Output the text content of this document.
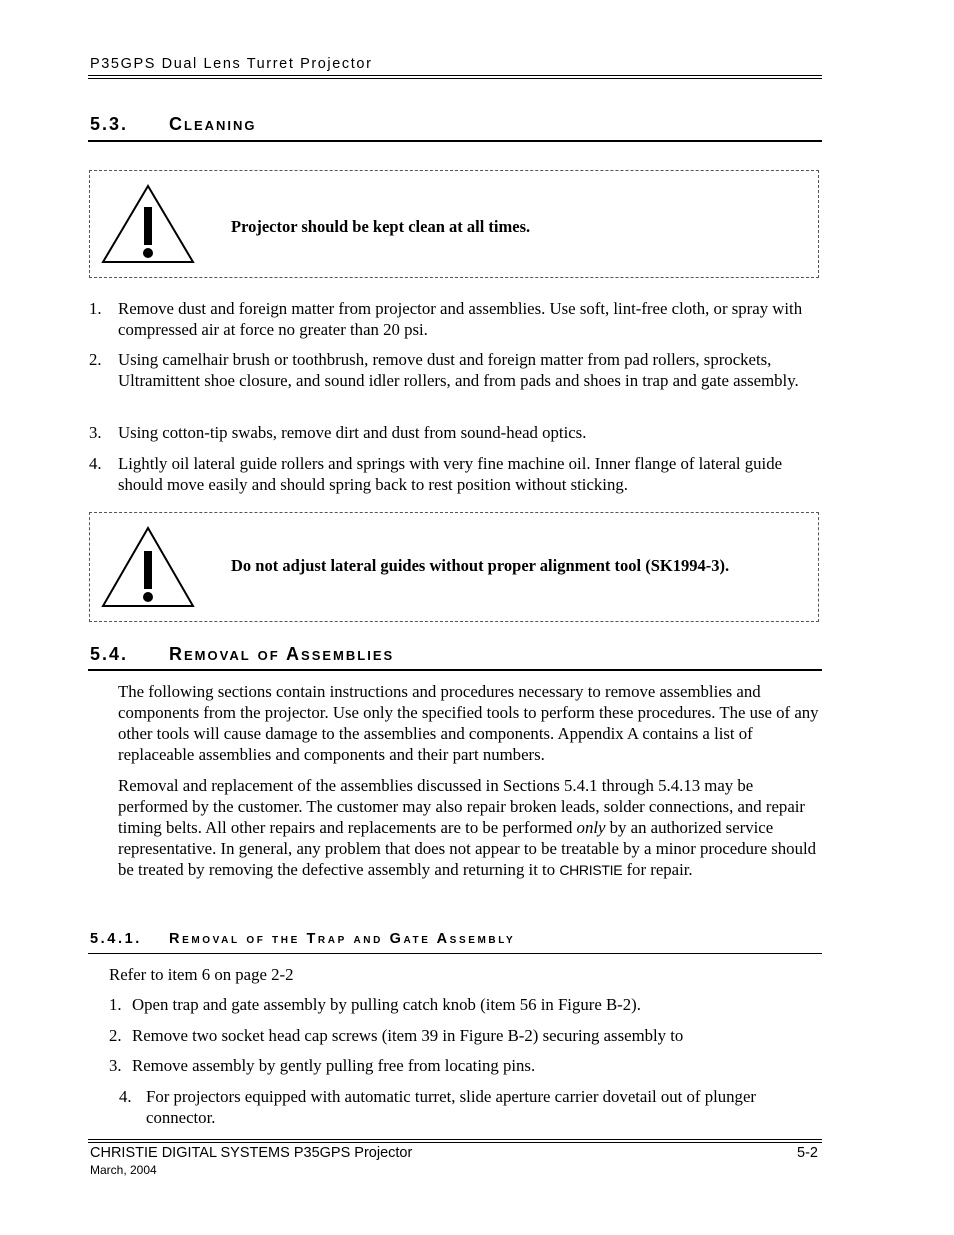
P35GPS Dual Lens Turret Projector
5.3. Cleaning
Projector should be kept clean at all times.
1. Remove dust and foreign matter from projector and assemblies. Use soft, lint-free cloth, or spray with compressed air at force no greater than 20 psi.
2. Using camelhair brush or toothbrush, remove dust and foreign matter from pad rollers, sprockets, Ultramittent shoe closure, and sound idler rollers, and from pads and shoes in trap and gate assembly.
3. Using cotton-tip swabs, remove dirt and dust from sound-head optics.
4. Lightly oil lateral guide rollers and springs with very fine machine oil. Inner flange of lateral guide should move easily and should spring back to rest position without sticking.
Do not adjust lateral guides without proper alignment tool (SK1994-3).
5.4. Removal of Assemblies
The following sections contain instructions and procedures necessary to remove assemblies and components from the projector. Use only the specified tools to perform these procedures. The use of any other tools will cause damage to the assemblies and components. Appendix A contains a list of replaceable assemblies and components and their part numbers.
Removal and replacement of the assemblies discussed in Sections 5.4.1 through 5.4.13 may be performed by the customer. The customer may also repair broken leads, solder connections, and repair timing belts. All other repairs and replacements are to be performed only by an authorized service representative. In general, any problem that does not appear to be treatable by a minor procedure should be treated by removing the defective assembly and returning it to CHRISTIE for repair.
5.4.1. Removal of the Trap and Gate Assembly
Refer to item 6 on page 2-2
1. Open trap and gate assembly by pulling catch knob (item 56 in Figure B-2).
2. Remove two socket head cap screws (item 39 in Figure B-2) securing assembly to
3. Remove assembly by gently pulling free from locating pins.
4. For projectors equipped with automatic turret, slide aperture carrier dovetail out of plunger connector.
CHRISTIE DIGITAL SYSTEMS P35GPS Projector
March, 2004
5-2
